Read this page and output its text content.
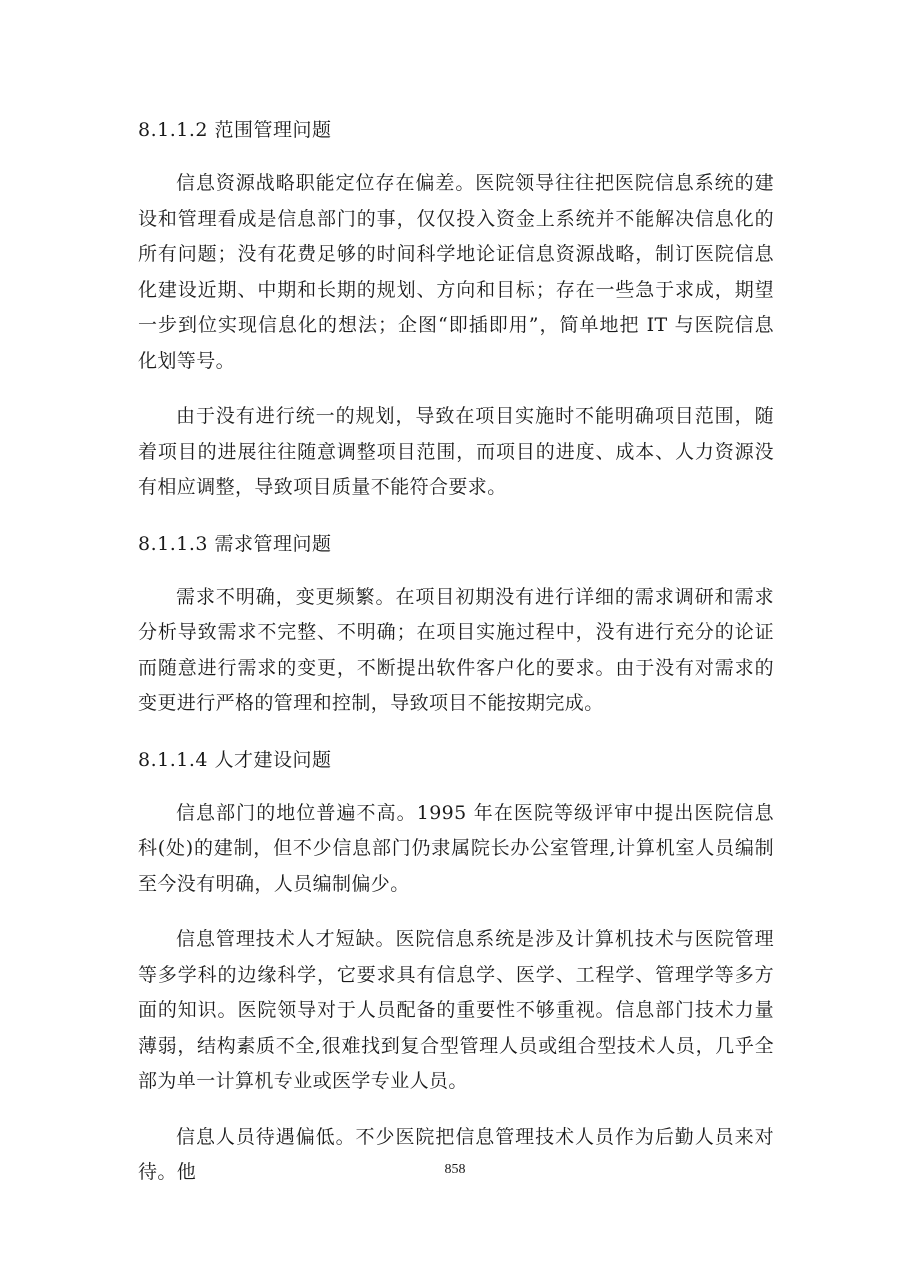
8.1.1.2 范围管理问题

信息资源战略职能定位存在偏差。医院领导往往把医院信息系统的建设和管理看成是信息部门的事，仅仅投入资金上系统并不能解决信息化的所有问题；没有花费足够的时间科学地论证信息资源战略，制订医院信息化建设近期、中期和长期的规划、方向和目标；存在一些急于求成，期望一步到位实现信息化的想法；企图“即插即用”，简单地把 IT 与医院信息化划等号。

由于没有进行统一的规划，导致在项目实施时不能明确项目范围，随着项目的进展往往随意调整项目范围，而项目的进度、成本、人力资源没有相应调整，导致项目质量不能符合要求。

8.1.1.3 需求管理问题

需求不明确，变更频繁。在项目初期没有进行详细的需求调研和需求分析导致需求不完整、不明确；在项目实施过程中，没有进行充分的论证而随意进行需求的变更，不断提出软件客户化的要求。由于没有对需求的变更进行严格的管理和控制，导致项目不能按期完成。

8.1.1.4 人才建设问题

信息部门的地位普遍不高。1995 年在医院等级评审中提出医院信息科(处)的建制，但不少信息部门仍隶属院长办公室管理,计算机室人员编制至今没有明确，人员编制偏少。

信息管理技术人才短缺。医院信息系统是涉及计算机技术与医院管理等多学科的边缘科学，它要求具有信息学、医学、工程学、管理学等多方面的知识。医院领导对于人员配备的重要性不够重视。信息部门技术力量薄弱，结构素质不全,很难找到复合型管理人员或组合型技术人员，几乎全部为单一计算机专业或医学专业人员。

信息人员待遇偏低。不少医院把信息管理技术人员作为后勤人员来对待。他	858
